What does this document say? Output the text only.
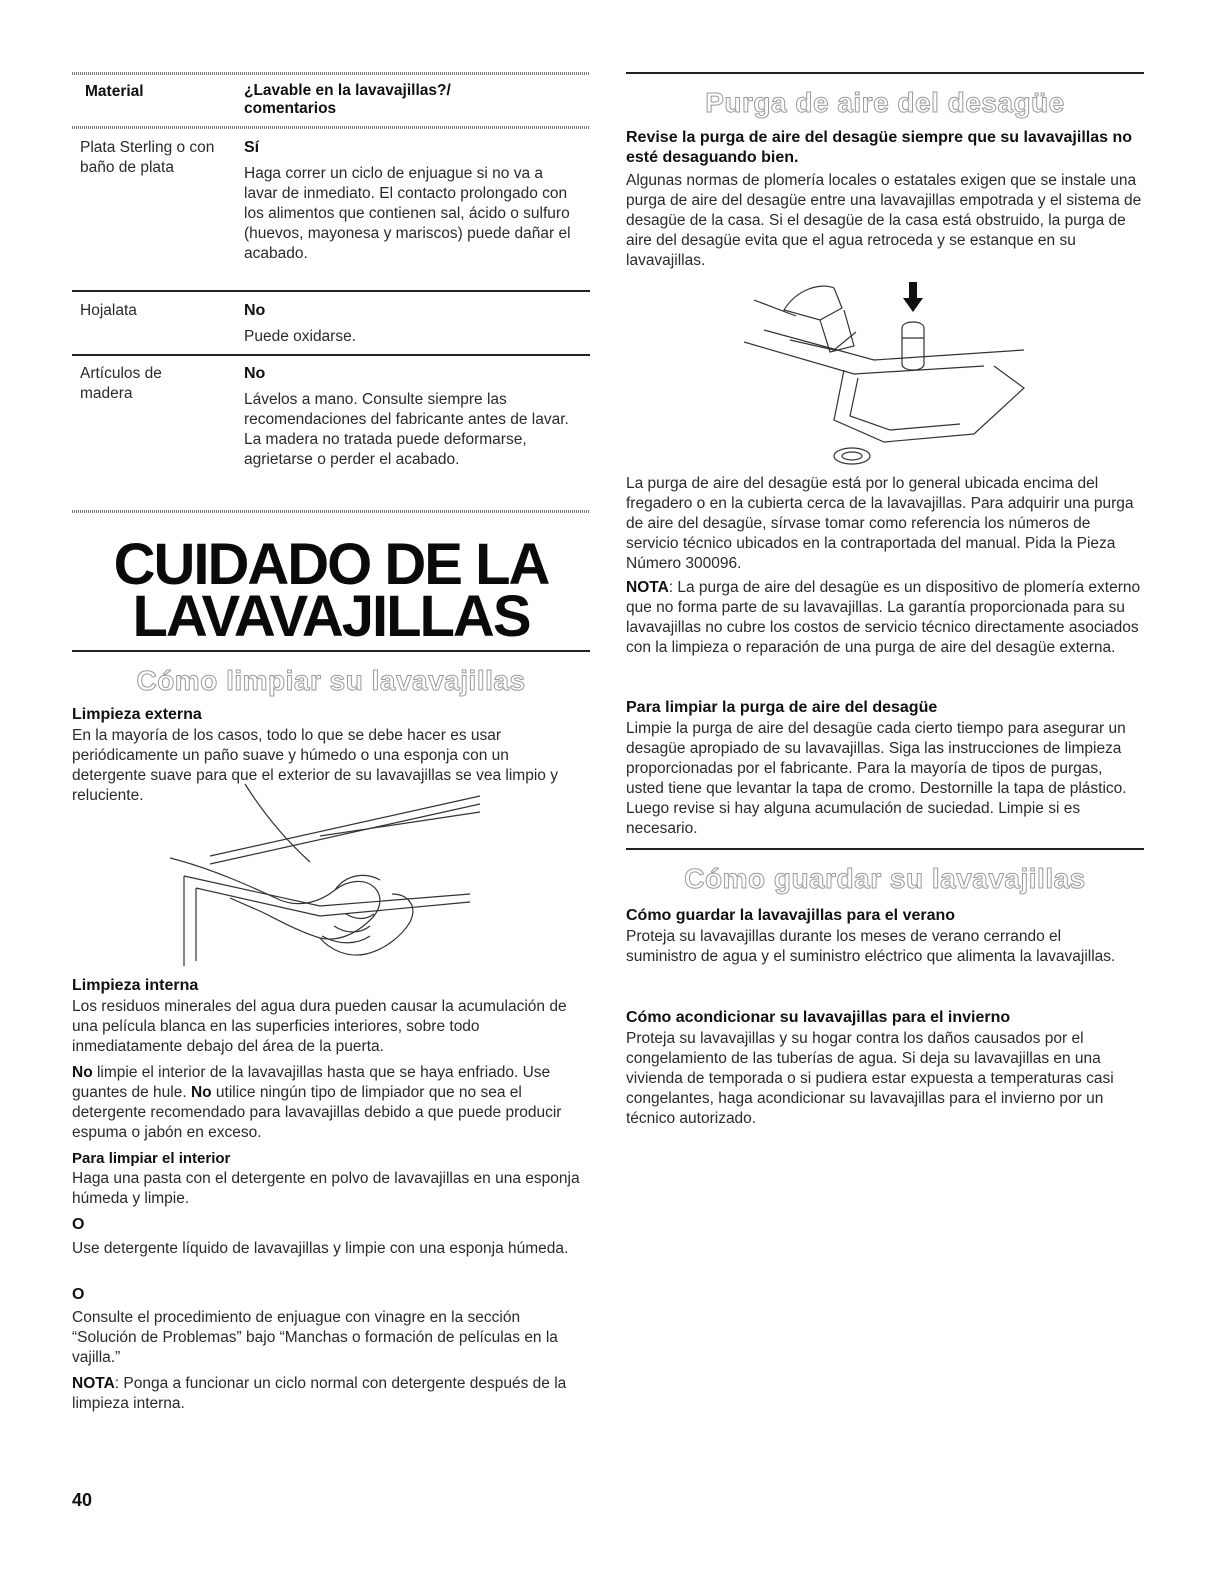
Material	¿Lavable en la lavavajillas?/ comentarios
Plata Sterling o con baño de plata
Sí
Haga correr un ciclo de enjuague si no va a lavar de inmediato. El contacto prolongado con los alimentos que contienen sal, ácido o sulfuro (huevos, mayonesa y mariscos) puede dañar el acabado.
Hojalata	No
Puede oxidarse.
Artículos de madera
No
Lávelos a mano. Consulte siempre las recomendaciones del fabricante antes de lavar. La madera no tratada puede deformarse, agrietarse o perder el acabado.
CUIDADO DE LA
LAVAVAJILLAS
Cómo limpiar su lavavajillas
Limpieza externa
En la mayoría de los casos, todo lo que se debe hacer es usar periódicamente un paño suave y húmedo o una esponja con un detergente suave para que el exterior de su lavavajillas se vea limpio y reluciente.
Limpieza interna
Los residuos minerales del agua dura pueden causar la acumulación de una película blanca en las superficies interiores, sobre todo inmediatamente debajo del área de la puerta.
No limpie el interior de la lavavajillas hasta que se haya enfriado. Use guantes de hule. No utilice ningún tipo de limpiador que no sea el detergente recomendado para lavavajillas debido a que puede producir espuma o jabón en exceso.
Para limpiar el interior
Haga una pasta con el detergente en polvo de lavavajillas en una esponja húmeda y limpie.
O
Use detergente líquido de lavavajillas y limpie con una esponja húmeda.
O
Consulte el procedimiento de enjuague con vinagre en la sección “Solución de Problemas” bajo “Manchas o formación de películas en la vajilla.”
NOTA: Ponga a funcionar un ciclo normal con detergente después de la limpieza interna.
40
Purga de aire del desagüe
Revise la purga de aire del desagüe siempre que su lavavajillas no esté desaguando bien.
Algunas normas de plomería locales o estatales exigen que se instale una purga de aire del desagüe entre una lavavajillas empotrada y el sistema de desagüe de la casa. Si el desagüe de la casa está obstruido, la purga de aire del desagüe evita que el agua retroceda y se estanque en su lavavajillas.
La purga de aire del desagüe está por lo general ubicada encima del fregadero o en la cubierta cerca de la lavavajillas. Para adquirir una purga de aire del desagüe, sírvase tomar como referencia los números de servicio técnico ubicados en la contraportada del manual. Pida la Pieza Número 300096.
NOTA: La purga de aire del desagüe es un dispositivo de plomería externo que no forma parte de su lavavajillas. La garantía proporcionada para su lavavajillas no cubre los costos de servicio técnico directamente asociados con la limpieza o reparación de una purga de aire del desagüe externa.
Para limpiar la purga de aire del desagüe
Limpie la purga de aire del desagüe cada cierto tiempo para asegurar un desagüe apropiado de su lavavajillas. Siga las instrucciones de limpieza proporcionadas por el fabricante. Para la mayoría de tipos de purgas, usted tiene que levantar la tapa de cromo. Destornille la tapa de plástico. Luego revise si hay alguna acumulación de suciedad. Limpie si es necesario.
Cómo guardar su lavavajillas
Cómo guardar la lavavajillas para el verano
Proteja su lavavajillas durante los meses de verano cerrando el suministro de agua y el suministro eléctrico que alimenta la lavavajillas.
Cómo acondicionar su lavavajillas para el invierno
Proteja su lavavajillas y su hogar contra los daños causados por el congelamiento de las tuberías de agua. Si deja su lavavajillas en una vivienda de temporada o si pudiera estar expuesta a temperaturas casi congelantes, haga acondicionar su lavavajillas para el invierno por un técnico autorizado.
